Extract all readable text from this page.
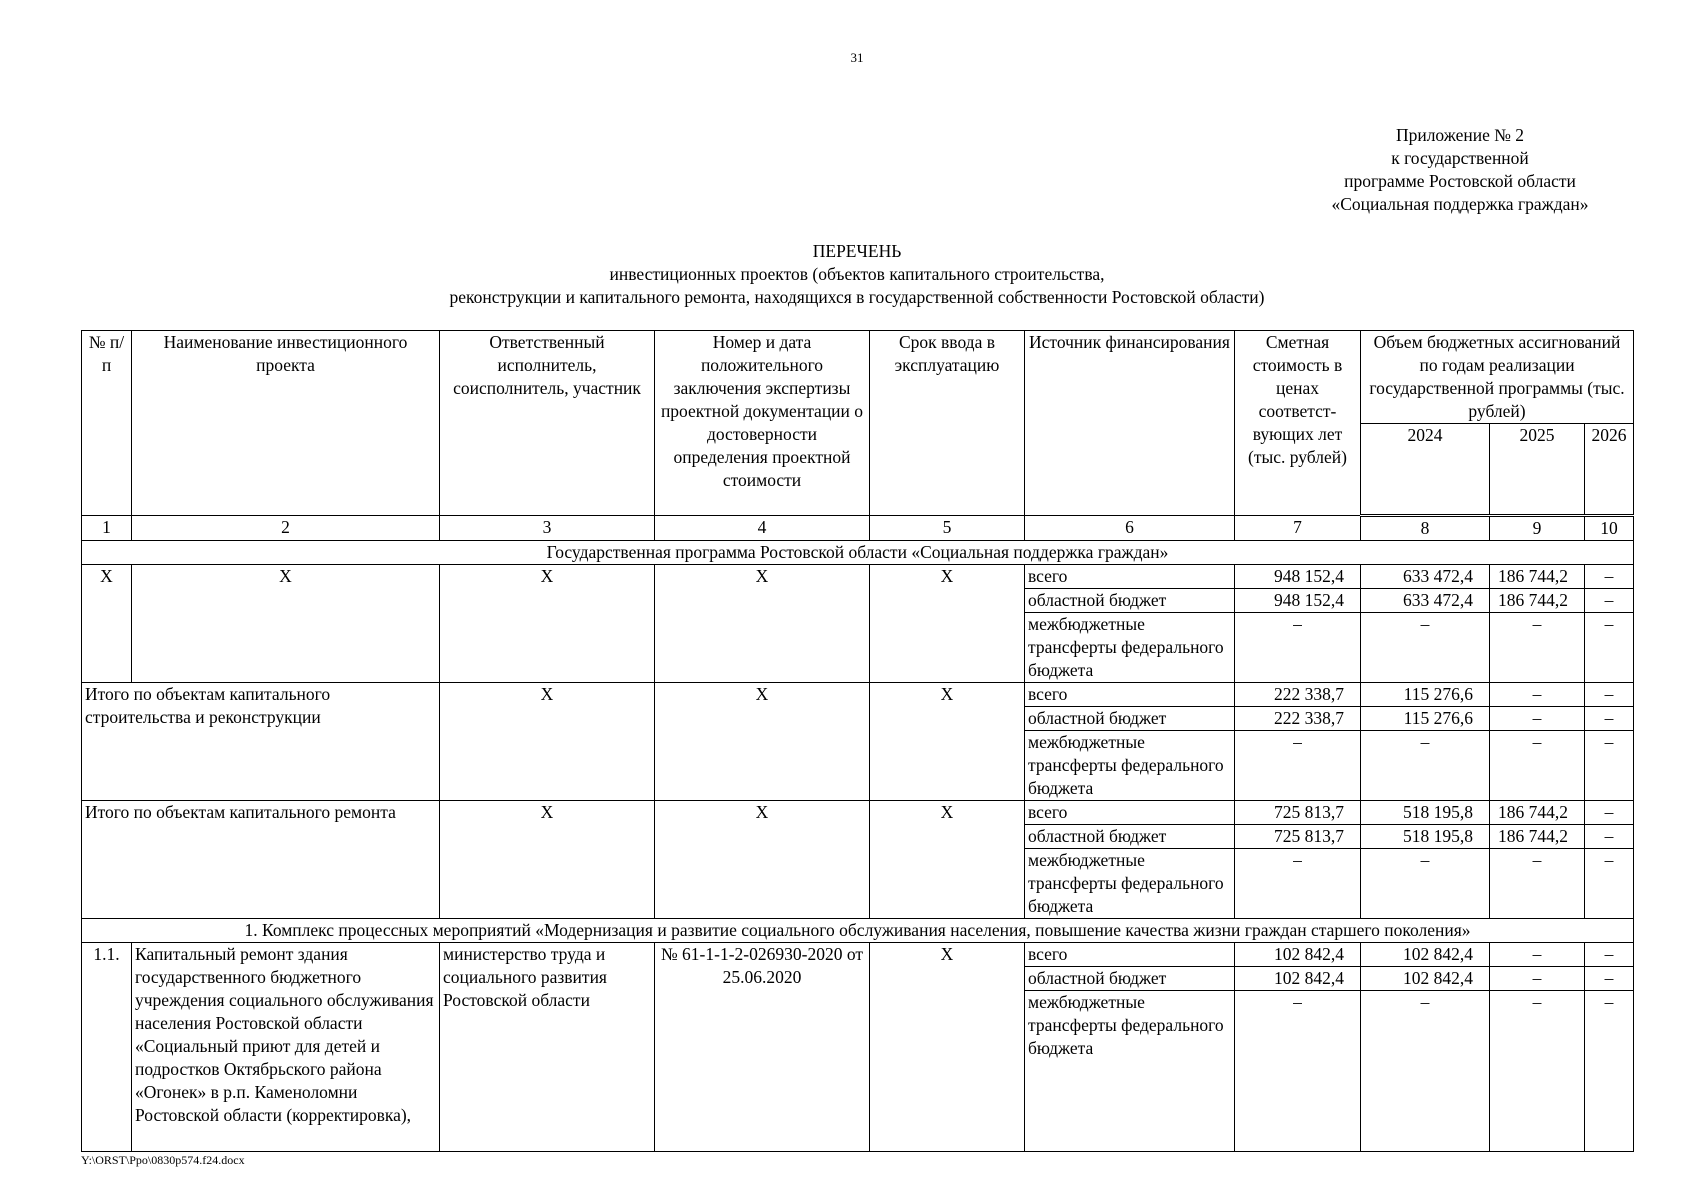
31
Приложение № 2
к государственной
программе Ростовской области
«Социальная поддержка граждан»
ПЕРЕЧЕНЬ
инвестиционных проектов (объектов капитального строительства,
реконструкции и капитального ремонта, находящихся в государственной собственности Ростовской области)
№ п/п	Наименование инвестиционного проекта	Ответственный исполнитель, соисполнитель, участник	Номер и дата положительного заключения экспертизы проектной документации о достоверности определения проектной стоимости	Срок ввода в эксплуатацию	Источник финансирования	Сметная стоимость в ценах соответст-вующих лет (тыс. рублей)	Объем бюджетных ассигнований по годам реализации государственной программы (тыс. рублей)		
							2024	2025	2026
1	2	3	4	5	6	7	8	9	10
Государственная программа Ростовской области «Социальная поддержка граждан»									
Х	Х	Х	Х	Х	всего	948 152,4	633 472,4	186 744,2	–
					областной бюджет	948 152,4	633 472,4	186 744,2	–
					межбюджетные трансферты федерального бюджета	–	–	–	–
Итого по объектам капитального строительства и реконструкции		Х	Х	Х	всего	222 338,7	115 276,6	–	–
					областной бюджет	222 338,7	115 276,6	–	–
					межбюджетные трансферты федерального бюджета	–	–	–	–
Итого по объектам капитального ремонта		Х	Х	Х	всего	725 813,7	518 195,8	186 744,2	–
					областной бюджет	725 813,7	518 195,8	186 744,2	–
					межбюджетные трансферты федерального бюджета	–	–	–	–
1. Комплекс процессных мероприятий «Модернизация и развитие социального обслуживания населения, повышение качества жизни граждан старшего поколения»									
1.1.	Капитальный ремонт здания государственного бюджетного учреждения социального обслуживания населения Ростовской области «Социальный приют для детей и подростков Октябрьского района «Огонек» в р.п. Каменоломни Ростовской области (корректировка),	министерство труда и социального развития Ростовской области	№ 61-1-1-2-026930-2020 от 25.06.2020	Х	всего	102 842,4	102 842,4	–	–
					областной бюджет	102 842,4	102 842,4	–	–
					межбюджетные трансферты федерального бюджета	–	–	–	–
Y:\ORST\Ppo\0830p574.f24.docx
